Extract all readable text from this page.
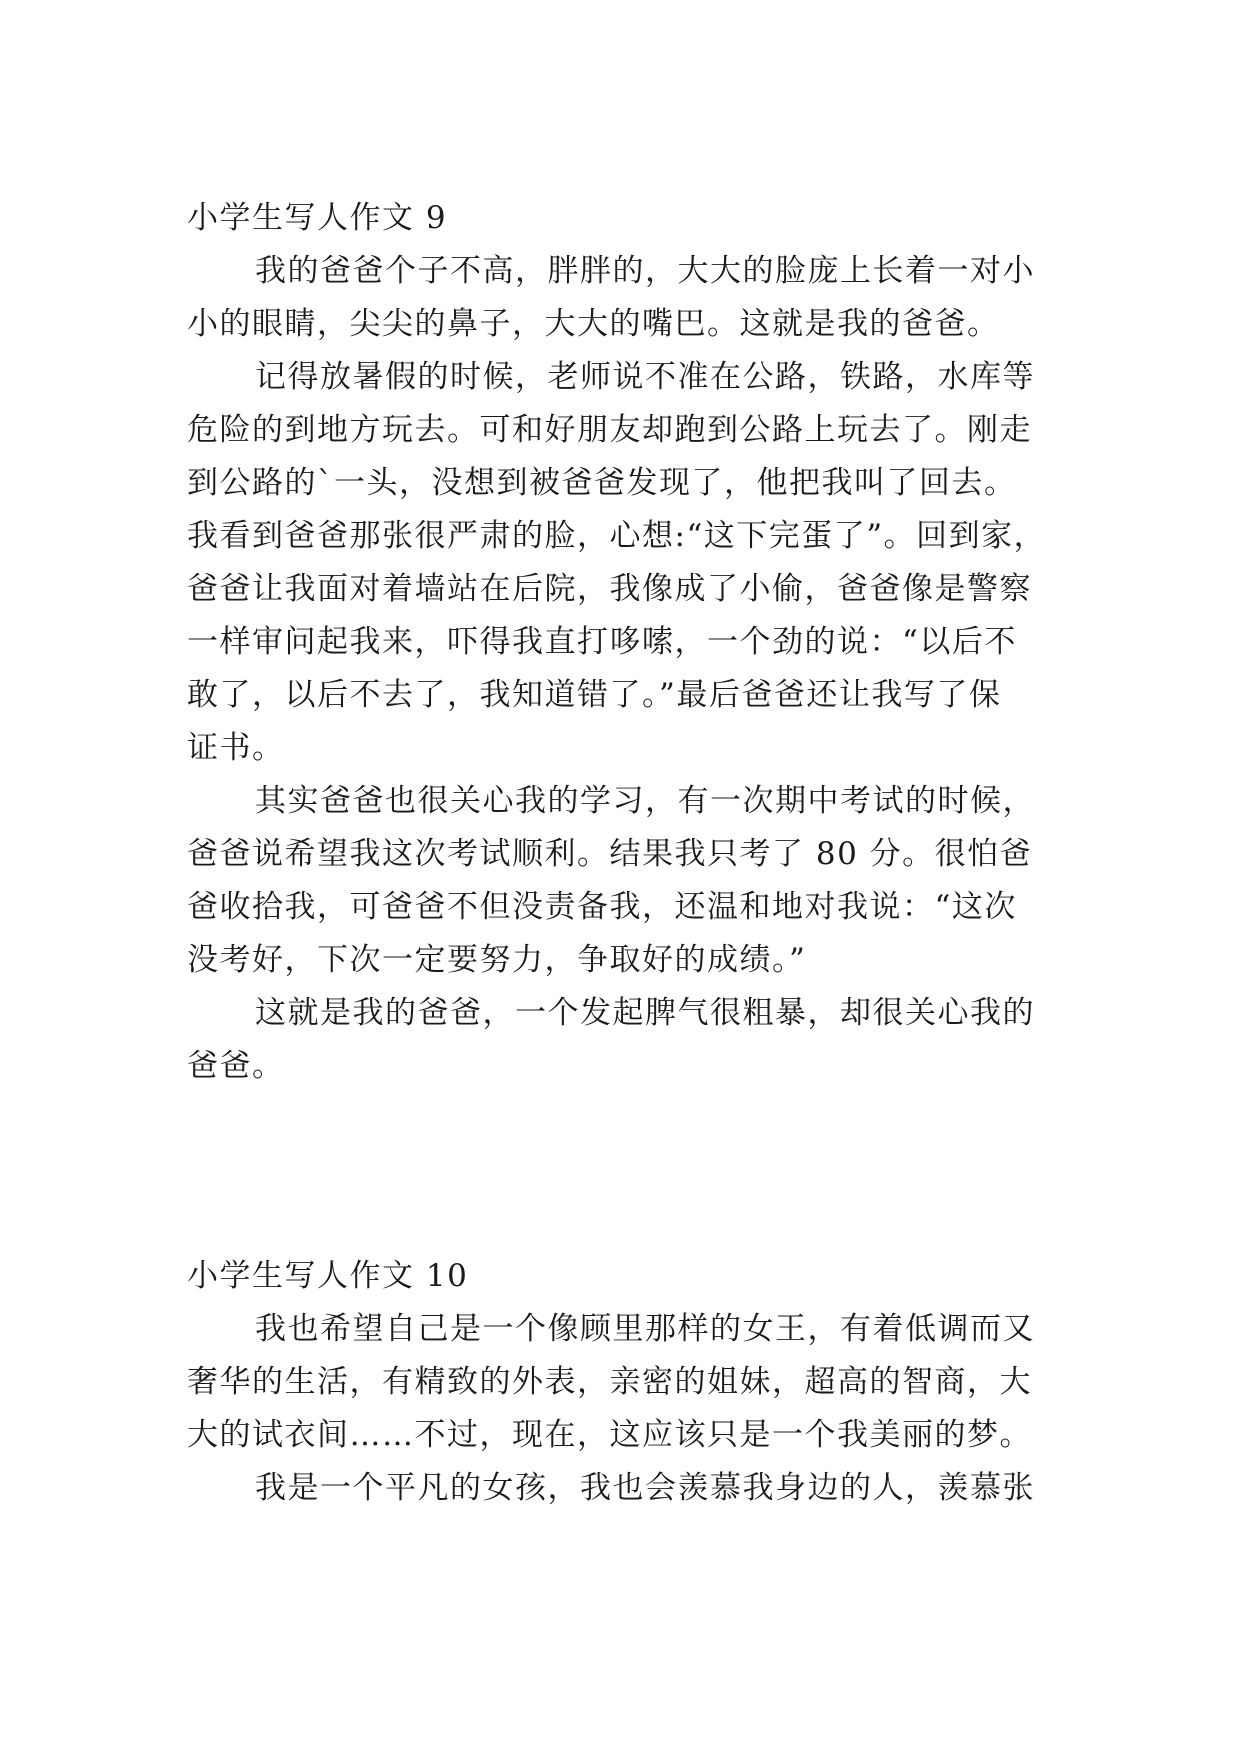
小学生写人作文 9
我的爸爸个子不高，胖胖的，大大的脸庞上长着一对小
小的眼睛，尖尖的鼻子，大大的嘴巴。这就是我的爸爸。
记得放暑假的时候，老师说不准在公路，铁路，水库等
危险的到地方玩去。可和好朋友却跑到公路上玩去了。刚走
到公路的`一头，没想到被爸爸发现了，他把我叫了回去。
我看到爸爸那张很严肃的脸，心想:“这下完蛋了”。回到家，
爸爸让我面对着墙站在后院，我像成了小偷，爸爸像是警察
一样审问起我来，吓得我直打哆嗦，一个劲的说：“以后不
敢了，以后不去了，我知道错了。”最后爸爸还让我写了保
证书。
其实爸爸也很关心我的学习，有一次期中考试的时候，
爸爸说希望我这次考试顺利。结果我只考了 80 分。很怕爸
爸收拾我，可爸爸不但没责备我，还温和地对我说：“这次
没考好，下次一定要努力，争取好的成绩。”
这就是我的爸爸，一个发起脾气很粗暴，却很关心我的
爸爸。
小学生写人作文 10
我也希望自己是一个像顾里那样的女王，有着低调而又
奢华的生活，有精致的外表，亲密的姐妹，超高的智商，大
大的试衣间……不过，现在，这应该只是一个我美丽的梦。
我是一个平凡的女孩，我也会羡慕我身边的人，羡慕张
